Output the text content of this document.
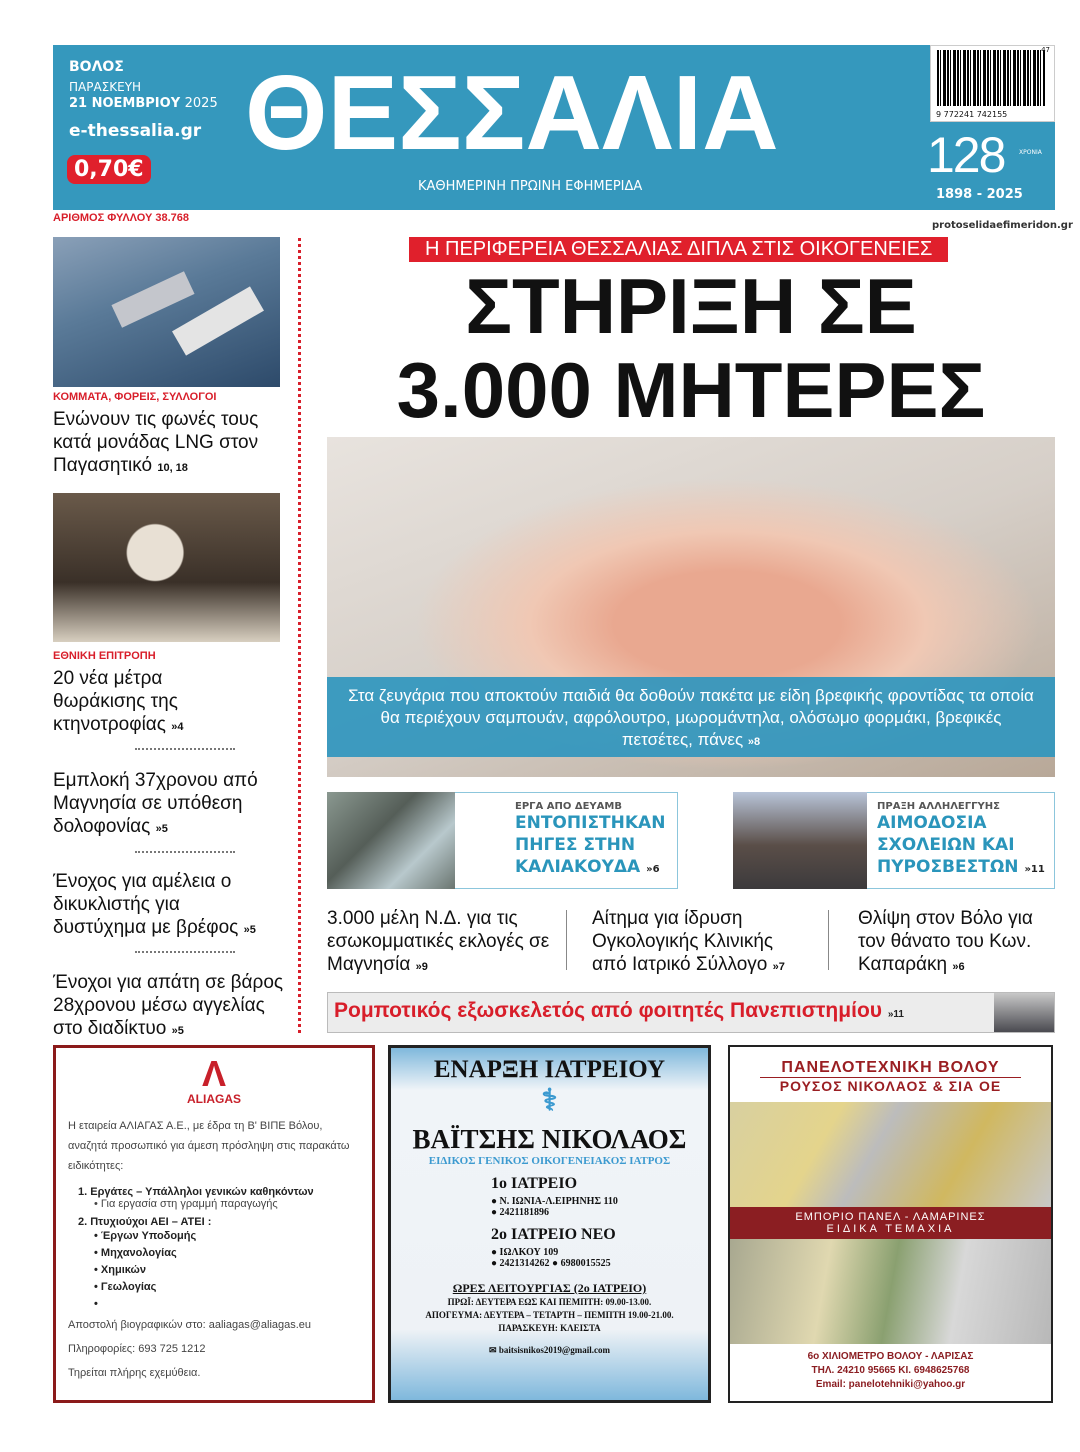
ΒΟΛΟΣ
ΠΑΡΑΣΚΕΥΗ
21 ΝΟΕΜΒΡΙΟΥ 2025
e-thessalia.gr
0,70€ ΘΕΣΣΑΛΙΑ
ΚΑΘΗΜΕΡΙΝΗ ΠΡΩΙΝΗ ΕΦΗΜΕΡΙΔΑ
128 ΧΡΟΝΙΑ
1898 - 2025
47
9 772241 742155
ΑΡΙΘΜΟΣ ΦΥΛΛΟΥ 38.768
ΚΟΜΜΑΤΑ, ΦΟΡΕΙΣ, ΣΥΛΛΟΓΟΙ
Ενώνουν τις φωνές τους κατά μονάδας LNG στον Παγασητικό 10, 18
ΕΘΝΙΚΗ ΕΠΙΤΡΟΠΗ
20 νέα μέτρα θωράκισης της κτηνοτροφίας »4
Εμπλοκή 37χρονου από Μαγνησία σε υπόθεση δολοφονίας »5
Ένοχος για αμέλεια ο δικυκλιστής για δυστύχημα με βρέφος »5
Ένοχοι για απάτη σε βάρος 28χρονου μέσω αγγελίας στο διαδίκτυο »5
Η ΠΕΡΙΦΕΡΕΙΑ ΘΕΣΣΑΛΙΑΣ ΔΙΠΛΑ ΣΤΙΣ ΟΙΚΟΓΕΝΕΙΕΣ
protoselidaefimeridon.gr
ΣΤΗΡΙΞΗ ΣΕ
3.000 ΜΗΤΕΡΕΣ
Στα ζευγάρια που αποκτούν παιδιά θα δοθούν πακέτα με είδη βρεφικής φροντίδας τα οποία θα περιέχουν σαμπουάν, αφρόλουτρο, μωρομάντηλα, ολόσωμο φορμάκι, βρεφικές πετσέτες, πάνες »8
ΕΡΓΑ ΑΠΟ ΔΕΥΑΜΒ
ΕΝΤΟΠΙΣΤΗΚΑΝ ΠΗΓΕΣ ΣΤΗΝ ΚΑΛΙΑΚΟΥΔΑ »6
ΠΡΑΞΗ ΑΛΛΗΛΕΓΓΥΗΣ
ΑΙΜΟΔΟΣΙΑ ΣΧΟΛΕΙΩΝ ΚΑΙ ΠΥΡΟΣΒΕΣΤΩΝ »11
3.000 μέλη Ν.Δ. για τις εσωκομματικές εκλογές σε Μαγνησία »9
Αίτημα για ίδρυση Ογκολογικής Κλινικής από Ιατρικό Σύλλογο »7
Θλίψη στον Βόλο για τον θάνατο του Κων. Καπαράκη »6
Ρομποτικός εξωσκελετός από φοιτητές Πανεπιστημίου »11
Λ
ALIAGAS
Η εταιρεία ΑΛΙΑΓΑΣ Α.Ε., με έδρα τη Β' ΒΙΠΕ Βόλου, αναζητά προσωπικό για άμεση πρόσληψη στις παρακάτω ειδικότητες:
1. Εργάτες – Υπάλληλοι γενικών καθηκόντων
• Για εργασία στη γραμμή παραγωγής
2. Πτυχιούχοι ΑΕΙ – ΑΤΕΙ :
• Έργων Υποδομής
• Μηχανολογίας
• Χημικών
• Γεωλογίας
•
Αποστολή βιογραφικών στο: aaliagas@aliagas.eu
Πληροφορίες: 693 725 1212
Τηρείται πλήρης εχεμύθεια.
ΕΝΑΡΞΗ ΙΑΤΡΕΙΟΥ
⚕
ΒΑΪΤΣΗΣ ΝΙΚΟΛΑΟΣ
ΕΙΔΙΚΟΣ ΓΕΝΙΚΟΣ ΟΙΚΟΓΕΝΕΙΑΚΟΣ ΙΑΤΡΟΣ
1ο ΙΑΤΡΕΙΟ
● Ν. ΙΩΝΙΑ-Λ.ΕΙΡΗΝΗΣ 110
● 2421181896
2ο ΙΑΤΡΕΙΟ ΝΕΟ
● ΙΩΛΚΟΥ 109
● 2421314262 ● 6980015525
ΩΡΕΣ ΛΕΙΤΟΥΡΓΙΑΣ (2ο ΙΑΤΡΕΙΟ)
ΠΡΩΪ: ΔΕΥΤΕΡΑ ΕΩΣ ΚΑΙ ΠΕΜΠΤΗ: 09.00-13.00.
ΑΠΟΓΕΥΜΑ: ΔΕΥΤΕΡΑ – ΤΕΤΑΡΤΗ – ΠΕΜΠΤΗ 19.00-21.00.
ΠΑΡΑΣΚΕΥΗ: ΚΛΕΙΣΤΑ
✉ baitsisnikos2019@gmail.com
ΠΑΝΕΛΟΤΕΧΝΙΚΗ ΒΟΛΟΥ
ΡΟΥΣΟΣ ΝΙΚΟΛΑΟΣ & ΣΙΑ ΟΕ
ΕΜΠΟΡΙΟ ΠΑΝΕΛ - ΛΑΜΑΡΙΝΕΣ
ΕΙΔΙΚΑ ΤΕΜΑΧΙΑ
6ο ΧΙΛΙΟΜΕΤΡΟ ΒΟΛΟΥ - ΛΑΡΙΣΑΣ
ΤΗΛ. 24210 95665 ΚΙ. 6948625768
Email: panelotehniki@yahoo.gr
